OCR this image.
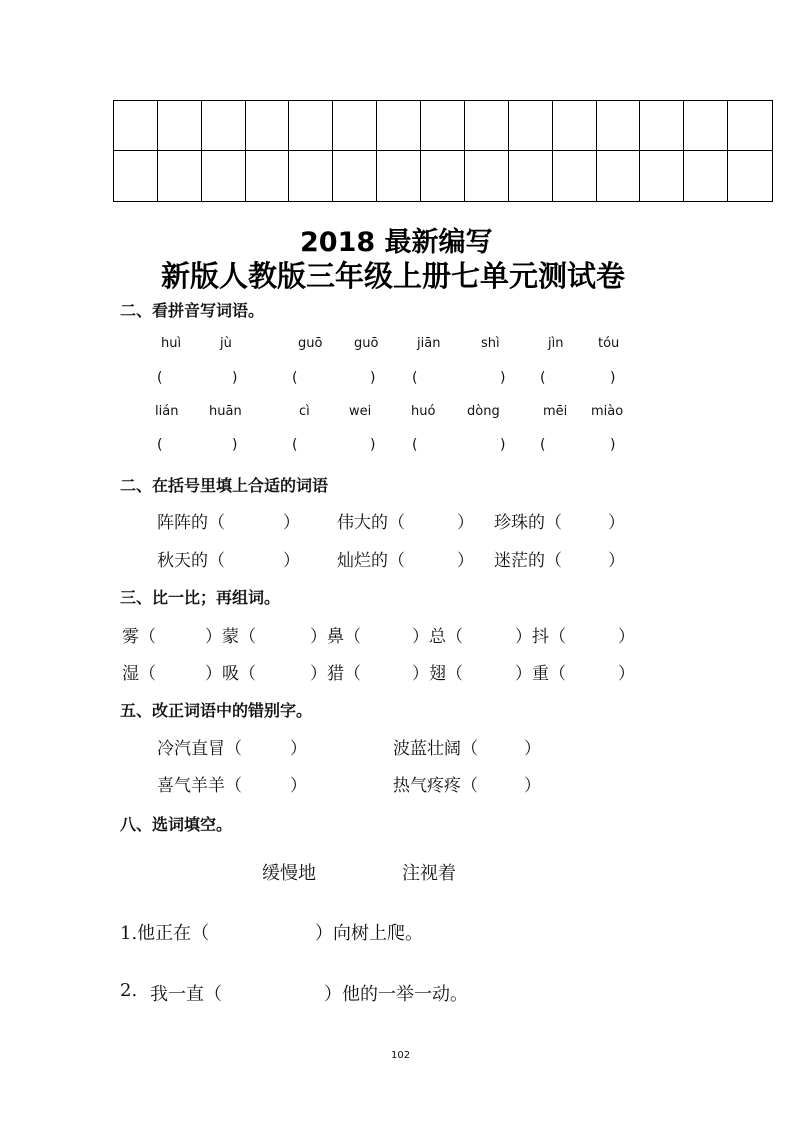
2018 最新编写
新版人教版三年级上册七单元测试卷
二、看拼音写词语。
huì	jù	guō guō	jiān	shì	jìn	tóu
(	)	(	)	(	) (	)
lián huān	cì	wei	huó dòng	mēi miào
(	)	(	)	(	) (	)
二、在括号里填上合适的词语
阵阵的（	） 伟大的（	） 珍珠的（	）
秋天的（	） 灿烂的（	） 迷茫的（	）
三、比一比；再组词。
雾（	）蒙（	）鼻（	）总（	）抖（	）
湿（	）吸（	）猎（	）翅（	）重（	）
五、改正词语中的错别字。
冷汽直冒（	）	波蓝壮阔（	）
喜气羊羊（	）	热气疼疼（	）
八、选词填空。
缓慢地	注视着
1.他正在（	）向树上爬。
2. 我一直（	）他的一举一动。
102
